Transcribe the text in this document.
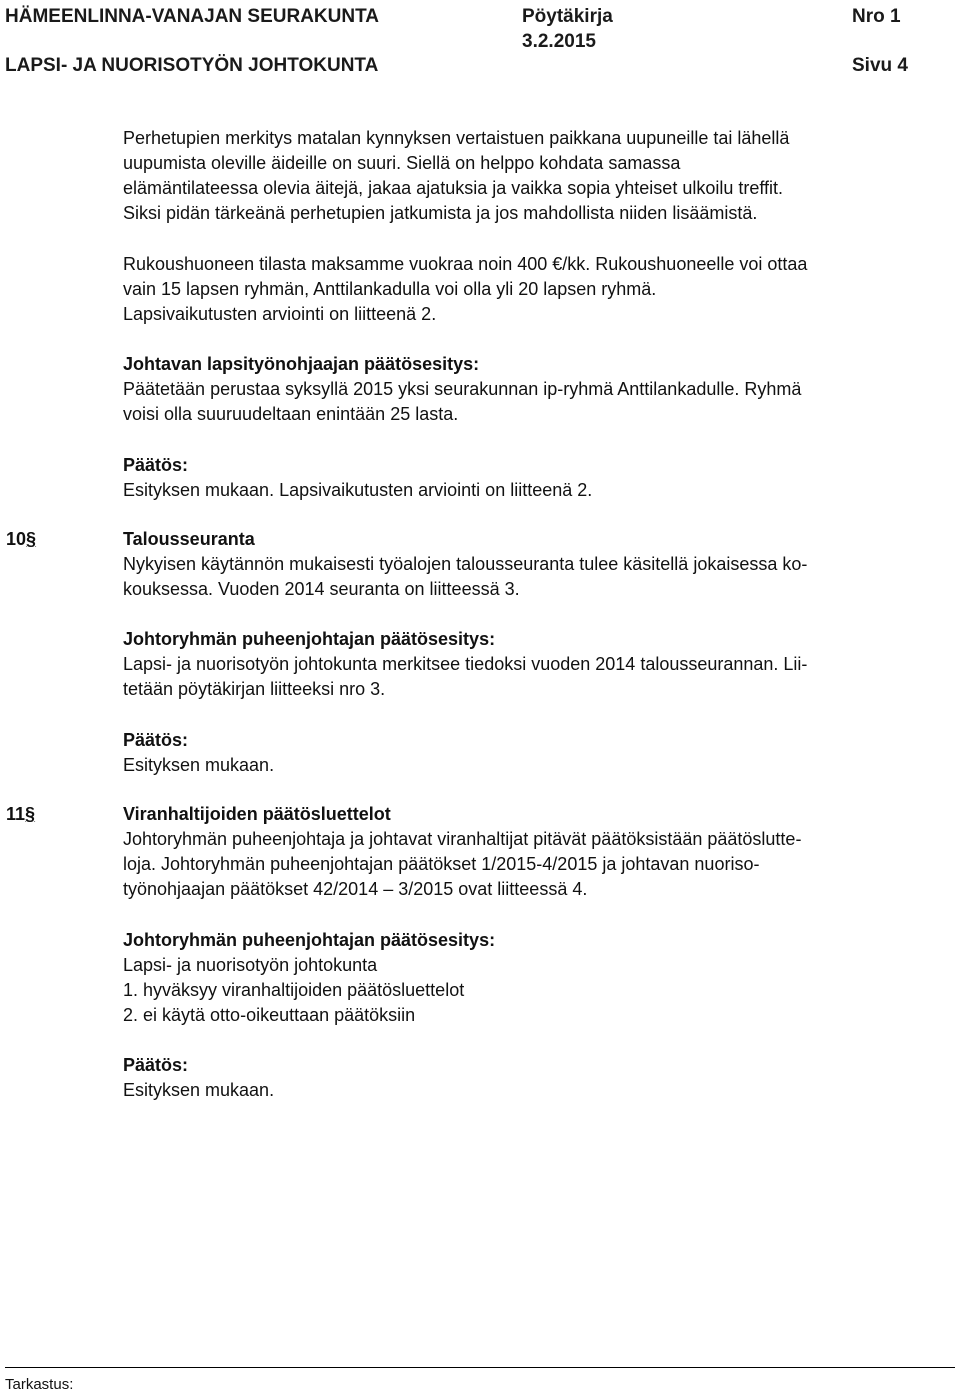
HÄMEENLINNA-VANAJAN SEURAKUNTA	Pöytäkirja	Nro 1
3.2.2015
LAPSI- JA NUORISOTYÖN JOHTOKUNTA	Sivu 4
Perhetupien merkitys matalan kynnyksen vertaistuen paikkana uupuneille tai lähellä
uupumista oleville äideille on suuri. Siellä on helppo kohdata samassa
elämäntilateessa olevia äitejä, jakaa ajatuksia ja vaikka sopia yhteiset ulkoilu treffit.
Siksi pidän tärkeänä perhetupien jatkumista ja jos mahdollista niiden lisäämistä.
Rukoushuoneen tilasta maksamme vuokraa noin 400 €/kk. Rukoushuoneelle voi ottaa
vain 15 lapsen ryhmän, Anttilankadulla voi olla yli 20 lapsen ryhmä.
Lapsivaikutusten arviointi on liitteenä 2.
Johtavan lapsityönohjaajan päätösesitys:
Päätetään perustaa syksyllä 2015 yksi seurakunnan ip-ryhmä Anttilankadulle. Ryhmä
voisi olla suuruudeltaan enintään 25 lasta.
Päätös:
Esityksen mukaan. Lapsivaikutusten arviointi on liitteenä 2.
10§	Talousseuranta
Nykyisen käytännön mukaisesti työalojen talousseuranta tulee käsitellä jokaisessa ko-
kouksessa. Vuoden 2014 seuranta on liitteessä 3.
Johtoryhmän puheenjohtajan päätösesitys:
Lapsi- ja nuorisotyön johtokunta merkitsee tiedoksi vuoden 2014 talousseurannan. Lii-
tetään pöytäkirjan liitteeksi nro 3.
Päätös:
Esityksen mukaan.
11§	Viranhaltijoiden päätösluettelot
Johtoryhmän puheenjohtaja ja johtavat viranhaltijat pitävät päätöksistään päätöslutte-
loja. Johtoryhmän puheenjohtajan päätökset 1/2015-4/2015 ja johtavan nuoriso-
työnohjaajan päätökset 42/2014 – 3/2015 ovat liitteessä 4.
Johtoryhmän puheenjohtajan päätösesitys:
Lapsi- ja nuorisotyön johtokunta
1. hyväksyy viranhaltijoiden päätösluettelot
2. ei käytä otto-oikeuttaan päätöksiin
Päätös:
Esityksen mukaan.
Tarkastus:
